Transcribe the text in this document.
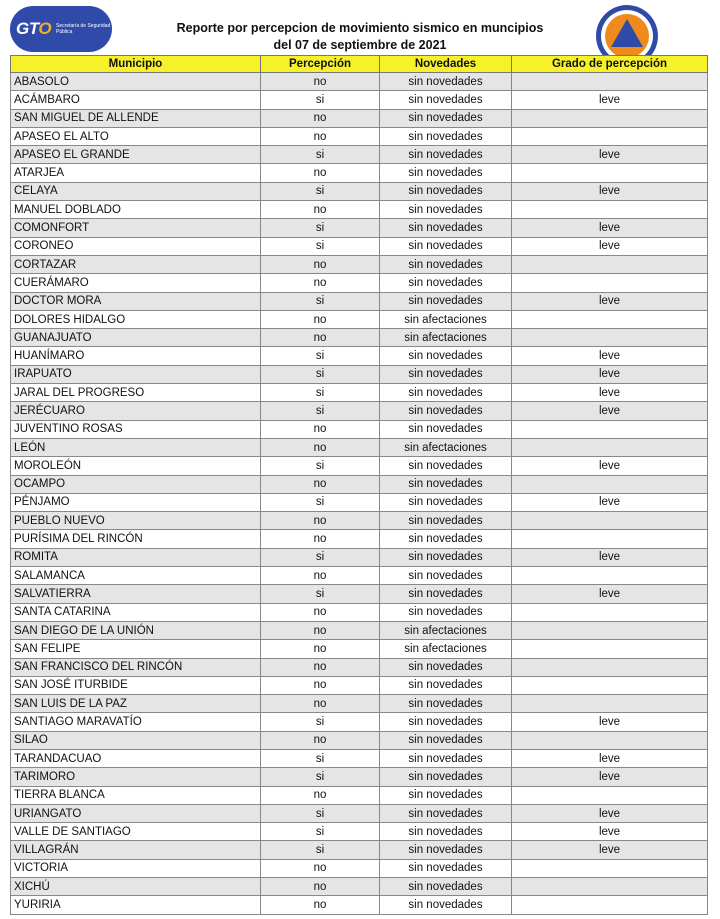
GTO Secretaría de Seguridad Pública	Reporte por percepcion de movimiento sismico en muncipios
del 07 de septiembre de 2021
Municipio	Percepción	Novedades	Grado de percepción
ABASOLO	no	sin novedades	
ACÁMBARO	si	sin novedades	leve
SAN MIGUEL DE ALLENDE	no	sin novedades	
APASEO EL ALTO	no	sin novedades	
APASEO EL GRANDE	si	sin novedades	leve
ATARJEA	no	sin novedades	
CELAYA	si	sin novedades	leve
MANUEL DOBLADO	no	sin novedades	
COMONFORT	si	sin novedades	leve
CORONEO	si	sin novedades	leve
CORTAZAR	no	sin novedades	
CUERÁMARO	no	sin novedades	
DOCTOR MORA	si	sin novedades	leve
DOLORES HIDALGO	no	sin afectaciones	
GUANAJUATO	no	sin afectaciones	
HUANÍMARO	si	sin novedades	leve
IRAPUATO	si	sin novedades	leve
JARAL DEL PROGRESO	si	sin novedades	leve
JERÉCUARO	si	sin novedades	leve
JUVENTINO ROSAS	no	sin novedades	
LEÓN	no	sin afectaciones	
MOROLEÓN	si	sin novedades	leve
OCAMPO	no	sin novedades	
PÉNJAMO	si	sin novedades	leve
PUEBLO NUEVO	no	sin novedades	
PURÍSIMA DEL RINCÓN	no	sin novedades	
ROMITA	si	sin novedades	leve
SALAMANCA	no	sin novedades	
SALVATIERRA	si	sin novedades	leve
SANTA CATARINA	no	sin novedades	
SAN DIEGO DE LA UNIÓN	no	sin afectaciones	
SAN FELIPE	no	sin afectaciones	
SAN FRANCISCO DEL RINCÓN	no	sin novedades	
SAN JOSÉ ITURBIDE	no	sin novedades	
SAN LUIS DE LA PAZ	no	sin novedades	
SANTIAGO MARAVATÍO	si	sin novedades	leve
SILAO	no	sin novedades	
TARANDACUAO	si	sin novedades	leve
TARIMORO	si	sin novedades	leve
TIERRA BLANCA	no	sin novedades	
URIANGATO	si	sin novedades	leve
VALLE DE SANTIAGO	si	sin novedades	leve
VILLAGRÁN	si	sin novedades	leve
VICTORIA	no	sin novedades	
XICHÚ	no	sin novedades	
YURIRIA	no	sin novedades	
